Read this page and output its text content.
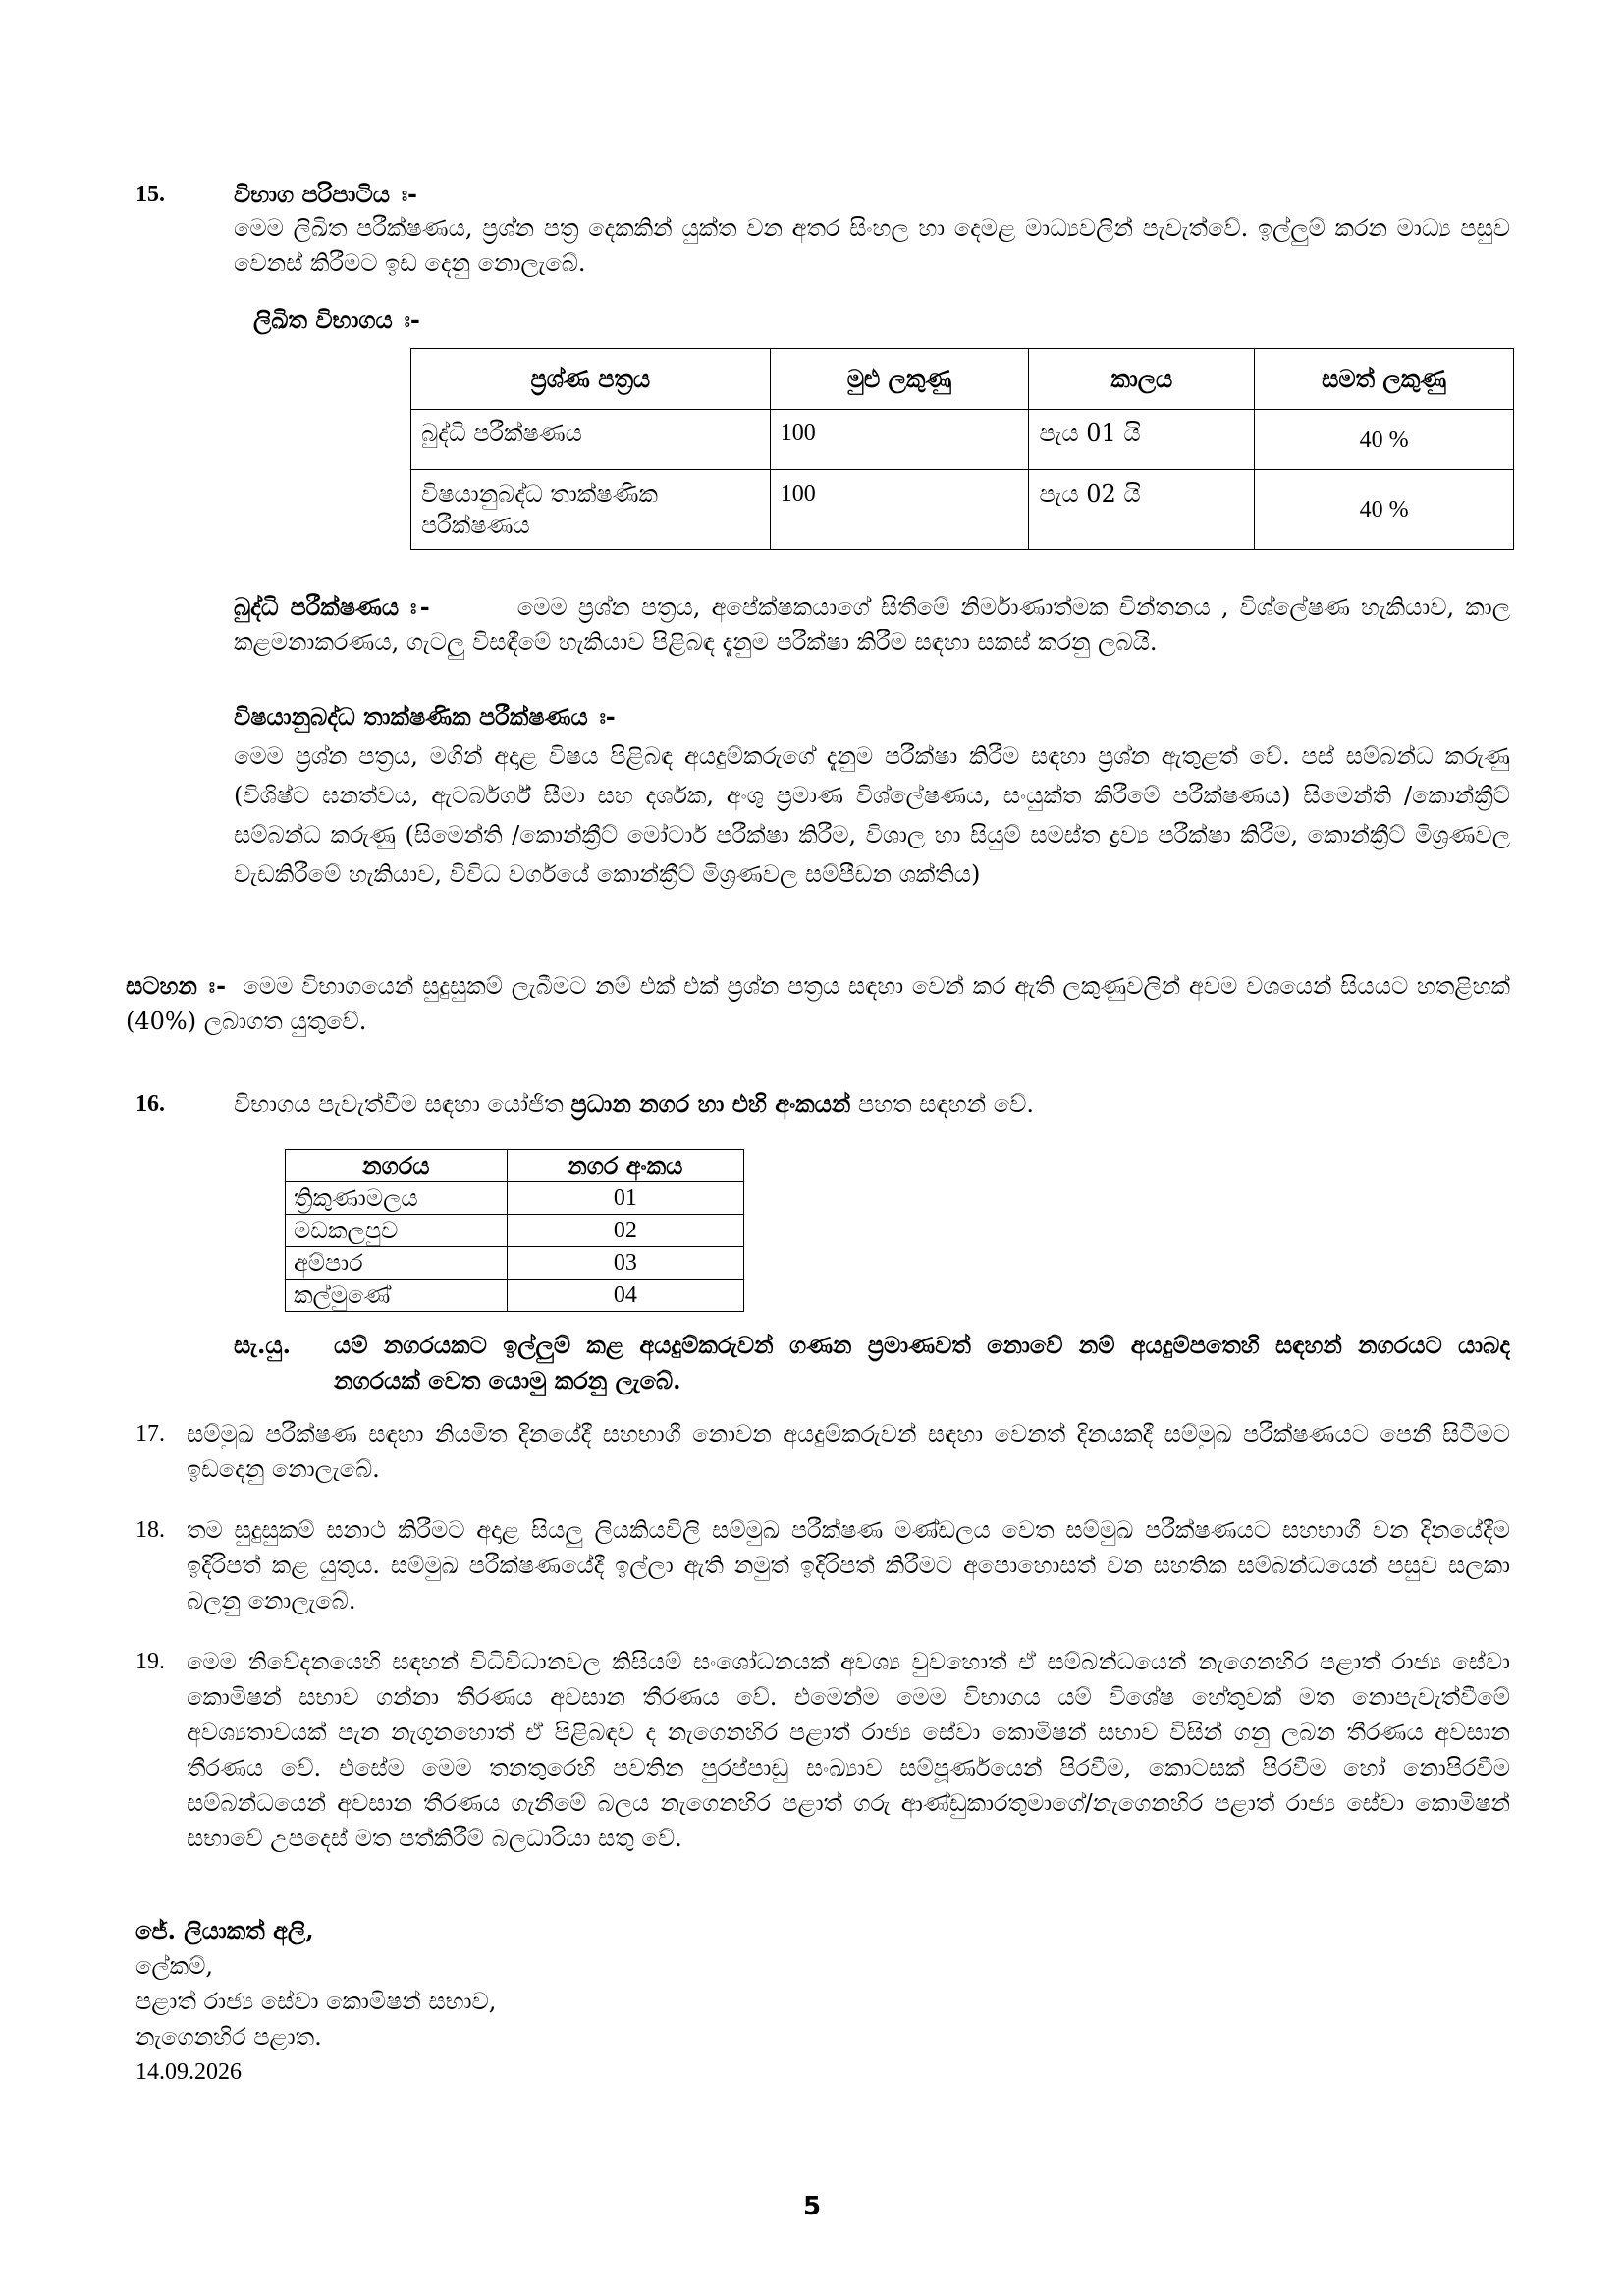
15.	විභාග පරිපාටිය ඃ-
මෙම ලිඛිත පරීක්ෂණය, ප්‍රශ්න පත්‍ර දෙකකින් යුක්ත වන අතර සිංහල හා දෙමළ මාධ්‍යවලින් පැවැත්වේ. ඉල්ලුම් කරන මාධ්‍ය පසුව වෙනස් කිරීමට ඉඩ දෙනු නොලැබේ.
ලිඛිත විභාගය ඃ-
ප්‍රශ්ණ පත්‍රය	මුළු ලකුණු	කාලය	සමත් ලකුණු
බුද්ධි පරීක්ෂණය	100	පැය 01 යි	40 %
විෂයානුබද්ධ තාක්ෂණික පරීක්ෂණය	100	පැය 02 යි	40 %
බුද්ධි පරීක්ෂණය ඃ-	මෙම ප්‍රශ්න පත්‍රය, අපේක්ෂකයාගේ සිතීමේ නිර්මාණාත්මක චින්තනය , විශ්ලේෂණ හැකියාව, කාල කළමනාකරණය, ගැටලු විසඳීමේ හැකියාව පිළිබඳ දැනුම පරීක්ෂා කිරීම සඳහා සකස් කරනු ලබයි.
විෂයානුබද්ධ තාක්ෂණික පරීක්ෂණය ඃ-
මෙම ප්‍රශ්න පත්‍රය, මගින් අදාළ විෂය පිළිබඳ අයදුම්කරුගේ දැනුම පරීක්ෂා කිරීම සඳහා ප්‍රශ්න ඇතුළත් වේ. පස් සම්බන්ධ කරුණු (විශිෂ්ට ඝනත්වය, ඇටර්බර්ග් සීමා සහ දර්ශක, අංශු ප්‍රමාණ විශ්ලේෂණය, සංයුක්ත කිරීමේ පරීක්ෂණය) සිමෙන්ති /කොන්ක්‍රීට් සම්බන්ධ කරුණු (සිමෙන්ති /කොන්ක්‍රීට් මෝටාර් පරීක්ෂා කිරීම, විශාල හා සියුම් සමස්ත ද්‍රව්‍ය පරීක්ෂා කිරීම, කොන්ක්‍රීට් මිශ්‍රණවල වැඩකිරීමේ හැකියාව, විවිධ වර්ගයේ කොන්ක්‍රීට් මිශ්‍රණවල සම්පීඩන ශක්තිය)
සටහන ඃ- මෙම විභාගයෙන් සුදුසුකම් ලැබීමට නම් එක් එක් ප්‍රශ්න පත්‍රය සඳහා වෙන් කර ඇති ලකුණුවලින් අවම වශයෙන් සියයට හතළිහක් (40%) ලබාගත යුතුවේ.
16.	විභාගය පැවැත්වීම සඳහා යෝජිත ප්‍රධාන නගර හා එහි අංකයන් පහත සඳහන් වේ.
නගරය	නගර අංකය
ත්‍රිකුණාමලය	01
මඩකලපුව	02
අම්පාර	03
කල්මුණේ	04
සැ.යු. යම් නගරයකට ඉල්ලුම් කළ අයදුම්කරුවන් ගණන ප්‍රමාණවත් නොවේ නම් අයදුම්පතෙහි සඳහන් නගරයට යාබද නගරයක් වෙත යොමු කරනු ලැබේ.
17. සම්මුඛ පරීක්ෂණ සඳහා නියමිත දිනයේදී සහභාගී නොවන අයදුම්කරුවන් සඳහා වෙනත් දිනයකදී සම්මුඛ පරීක්ෂණයට පෙනී සිටීමට ඉඩදෙනු නොලැබේ.
18. තම සුදුසුකම් සනාථ කිරීමට අදාළ සියලු ලියකියවිලි සම්මුඛ පරීක්ෂණ මණ්ඩලය වෙත සම්මුඛ පරීක්ෂණයට සහභාගී වන දිනයේදීම ඉදිරිපත් කළ යුතුය. සම්මුඛ පරීක්ෂණයේදී ඉල්ලා ඇති නමුත් ඉදිරිපත් කිරීමට අපොහොසත් වන සහතික සම්බන්ධයෙන් පසුව සලකා බලනු නොලැබේ.
19. මෙම නිවේදනයෙහි සඳහන් විධිවිධානවල කිසියම් සංශෝධනයක් අවශ්‍ය වුවහොත් ඒ සම්බන්ධයෙන් නැගෙනහිර පළාත් රාජ්‍ය සේවා කොමිෂන් සභාව ගන්නා තීරණය අවසාන තීරණය වේ. එමෙන්ම මෙම විභාගය යම් විශේෂ හේතුවක් මත නොපැවැත්වීමේ අවශ්‍යතාවයක් පැන නැගුනහොත් ඒ පිළිබඳව ද නැගෙනහිර පළාත් රාජ්‍ය සේවා කොමිෂන් සභාව විසින් ගනු ලබන තීරණය අවසාන තීරණය වේ. එසේම මෙම තනතුරෙහි පවතින පුරප්පාඩු සංඛ්‍යාව සම්පූර්ණයෙන් පිරවීම, කොටසක් පිරවීම හෝ නොපිරවීම සම්බන්ධයෙන් අවසාන තීරණය ගැනීමේ බලය නැගෙනහිර පළාත් ගරු ආණ්ඩුකාරතුමාගේ/නැගෙනහිර පළාත් රාජ්‍ය සේවා කොමිෂන් සභාවේ උපදෙස් මත පත්කිරීම් බලධාරියා සතු වේ.
ජේ. ලියාකත් අලි,
ලේකම්,
පළාත් රාජ්‍ය සේවා කොමිෂන් සභාව,
නැගෙනහිර පළාත.
14.09.2026
5
